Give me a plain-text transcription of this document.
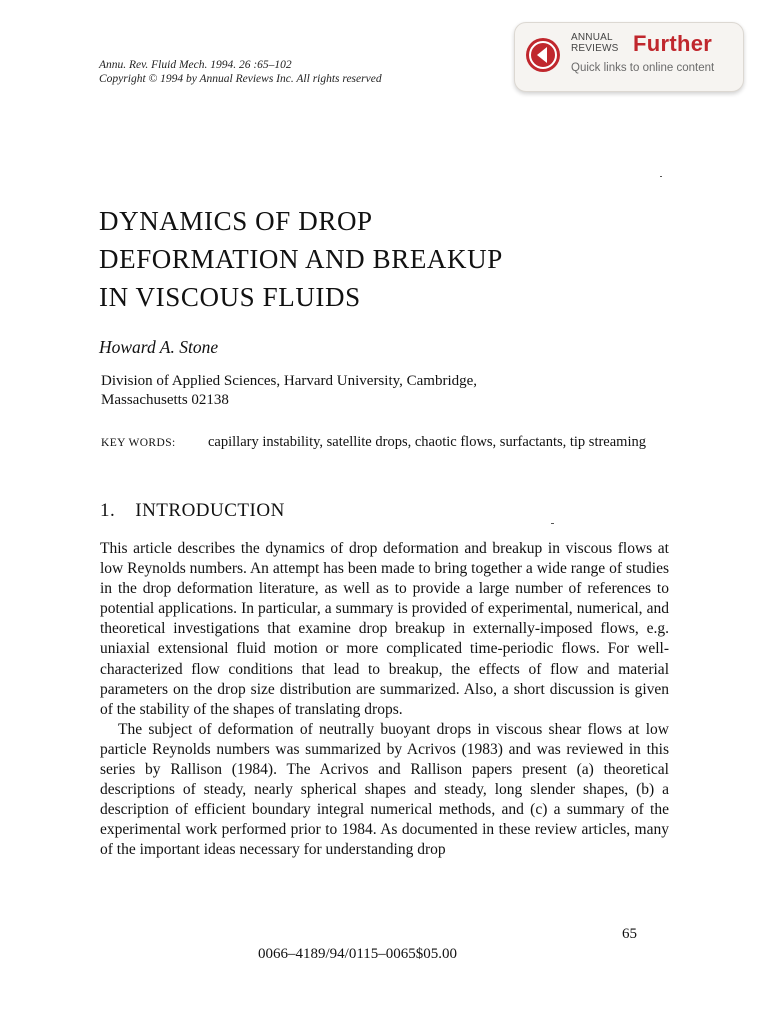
Annu. Rev. Fluid Mech. 1994. 26 :65–102
Copyright © 1994 by Annual Reviews Inc. All rights reserved
ANNUAL
REVIEWS Further
Quick links to online content
DYNAMICS OF DROP
DEFORMATION AND BREAKUP
IN VISCOUS FLUIDS
Howard A. Stone
Division of Applied Sciences, Harvard University, Cambridge,
Massachusetts 02138
KEY WORDS: capillary instability, satellite drops, chaotic flows, surfactants, tip streaming
1. INTRODUCTION

This article describes the dynamics of drop deformation and breakup in viscous flows at low Reynolds numbers. An attempt has been made to bring together a wide range of studies in the drop deformation literature, as well as to provide a large number of references to potential applications. In particular, a summary is provided of experimental, numerical, and theoretical investigations that examine drop breakup in externally-imposed flows, e.g. uniaxial extensional fluid motion or more complicated time-periodic flows. For well-characterized flow conditions that lead to breakup, the effects of flow and material parameters on the drop size distribution are summarized. Also, a short discussion is given of the stability of the shapes of translating drops.

The subject of deformation of neutrally buoyant drops in viscous shear flows at low particle Reynolds numbers was summarized by Acrivos (1983) and was reviewed in this series by Rallison (1984). The Acrivos and Rallison papers present (a) theoretical descriptions of steady, nearly spherical shapes and steady, long slender shapes, (b) a description of efficient boundary integral numerical methods, and (c) a summary of the experimental work performed prior to 1984. As documented in these review articles, many of the important ideas necessary for understanding drop

65
0066–4189/94/0115–0065$05.00
